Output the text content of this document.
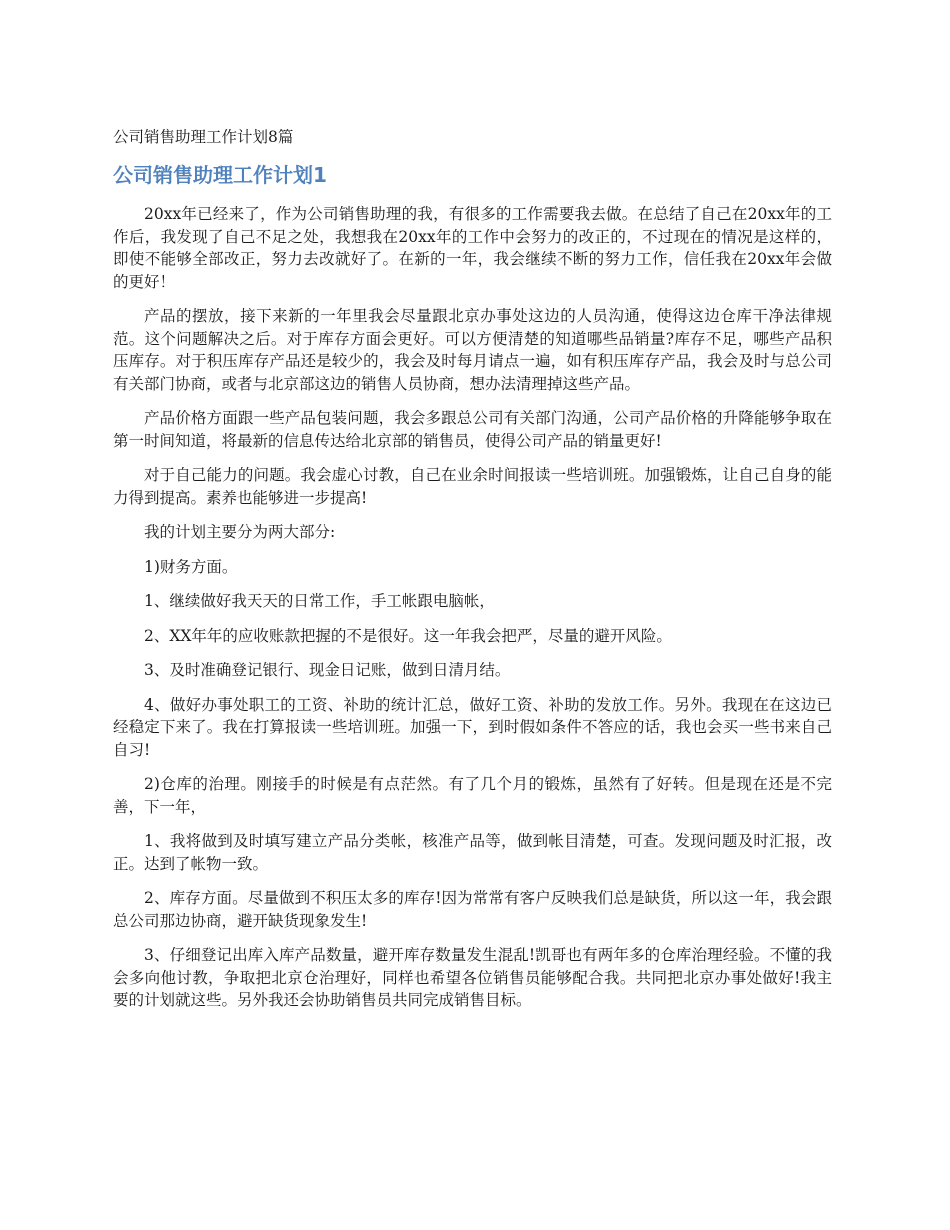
公司销售助理工作计划8篇
公司销售助理工作计划1

20xx年已经来了，作为公司销售助理的我，有很多的工作需要我去做。在总结了自己在20xx年的工作后，我发现了自己不足之处，我想我在20xx年的工作中会努力的改正的，不过现在的情况是这样的，即使不能够全部改正，努力去改就好了。在新的一年，我会继续不断的努力工作，信任我在20xx年会做的更好！

产品的摆放，接下来新的一年里我会尽量跟北京办事处这边的人员沟通，使得这边仓库干净法律规范。这个问题解决之后。对于库存方面会更好。可以方便清楚的知道哪些品销量?库存不足，哪些产品积压库存。对于积压库存产品还是较少的，我会及时每月请点一遍，如有积压库存产品，我会及时与总公司有关部门协商，或者与北京部这边的销售人员协商，想办法清理掉这些产品。

产品价格方面跟一些产品包装问题，我会多跟总公司有关部门沟通，公司产品价格的升降能够争取在第一时间知道，将最新的信息传达给北京部的销售员，使得公司产品的销量更好!

对于自己能力的问题。我会虚心讨教，自己在业余时间报读一些培训班。加强锻炼，让自己自身的能力得到提高。素养也能够进一步提高!

我的计划主要分为两大部分:

1)财务方面。

1、继续做好我天天的日常工作，手工帐跟电脑帐，

2、XX年年的应收账款把握的不是很好。这一年我会把严，尽量的避开风险。

3、及时准确登记银行、现金日记账，做到日清月结。

4、做好办事处职工的工资、补助的统计汇总，做好工资、补助的发放工作。另外。我现在在这边已经稳定下来了。我在打算报读一些培训班。加强一下，到时假如条件不答应的话，我也会买一些书来自己自习!

2)仓库的治理。刚接手的时候是有点茫然。有了几个月的锻炼，虽然有了好转。但是现在还是不完善，下一年，

1、我将做到及时填写建立产品分类帐，核准产品等，做到帐目清楚，可查。发现问题及时汇报，改正。达到了帐物一致。

2、库存方面。尽量做到不积压太多的库存!因为常常有客户反映我们总是缺货，所以这一年，我会跟总公司那边协商，避开缺货现象发生!

3、仔细登记出库入库产品数量，避开库存数量发生混乱!凯哥也有两年多的仓库治理经验。不懂的我会多向他讨教，争取把北京仓治理好，同样也希望各位销售员能够配合我。共同把北京办事处做好!我主要的计划就这些。另外我还会协助销售员共同完成销售目标。
